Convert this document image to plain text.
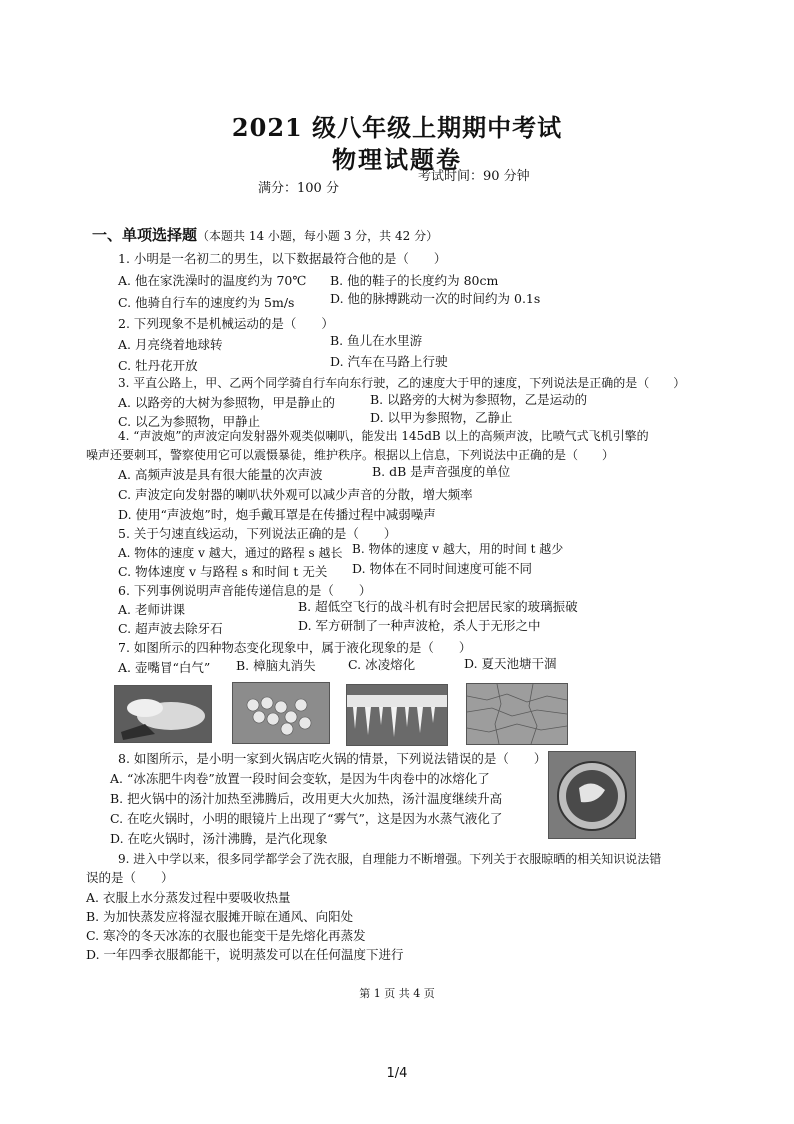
2021 级八年级上期期中考试
物理试题卷
满分：100 分
考试时间：90 分钟
一、单项选择题（本题共 14 小题，每小题 3 分，共 42 分）
1. 小明是一名初二的男生，以下数据最符合他的是（　　）
A. 他在家洗澡时的温度约为 70℃ B. 他的鞋子的长度约为 80cm
C. 他骑自行车的速度约为 5m/s	D. 他的脉搏跳动一次的时间约为 0.1s
2. 下列现象不是机械运动的是（　　）
A. 月亮绕着地球转	B. 鱼儿在水里游
C. 牡丹花开放	D. 汽车在马路上行驶
3. 平直公路上，甲、乙两个同学骑自行车向东行驶，乙的速度大于甲的速度，下列说法是正确的是（　　）
A. 以路旁的大树为参照物，甲是静止的	B. 以路旁的大树为参照物，乙是运动的
C. 以乙为参照物，甲静止	D. 以甲为参照物，乙静止
4. “声波炮”的声波定向发射器外观类似喇叭，能发出 145dB 以上的高频声波，比喷气式飞机引擎的
噪声还要刺耳，警察使用它可以震慑暴徒，维护秩序。根据以上信息，下列说法中正确的是（　　）
A. 高频声波是具有很大能量的次声波	B. dB 是声音强度的单位
C. 声波定向发射器的喇叭状外观可以减少声音的分散，增大频率
D. 使用“声波炮”时，炮手戴耳罩是在传播过程中减弱噪声
5. 关于匀速直线运动，下列说法正确的是（　　）
A. 物体的速度 v 越大，通过的路程 s 越长 B. 物体的速度 v 越大，用的时间 t 越少
C. 物体速度 v 与路程 s 和时间 t 无关 D. 物体在不同时间速度可能不同
6. 下列事例说明声音能传递信息的是（　　）
A. 老师讲课	B. 超低空飞行的战斗机有时会把居民家的玻璃振破
C. 超声波去除牙石	D. 军方研制了一种声波枪，杀人于无形之中
7. 如图所示的四种物态变化现象中，属于液化现象的是（　　）
A. 壶嘴冒“白气” B. 樟脑丸消失	C. 冰凌熔化	D. 夏天池塘干涸
8. 如图所示，是小明一家到火锅店吃火锅的情景，下列说法错误的是（　　）
A. “冰冻肥牛肉卷”放置一段时间会变软，是因为牛肉卷中的冰熔化了
B. 把火锅中的汤汁加热至沸腾后，改用更大火加热，汤汁温度继续升高
C. 在吃火锅时，小明的眼镜片上出现了“雾气”，这是因为水蒸气液化了
D. 在吃火锅时，汤汁沸腾，是汽化现象
9. 进入中学以来，很多同学都学会了洗衣服，自理能力不断增强。下列关于衣服晾晒的相关知识说法错
误的是（　　）
A. 衣服上水分蒸发过程中要吸收热量
B. 为加快蒸发应将湿衣服摊开晾在通风、向阳处
C. 寒冷的冬天冰冻的衣服也能变干是先熔化再蒸发
D. 一年四季衣服都能干，说明蒸发可以在任何温度下进行
第 1 页 共 4 页
1/4
